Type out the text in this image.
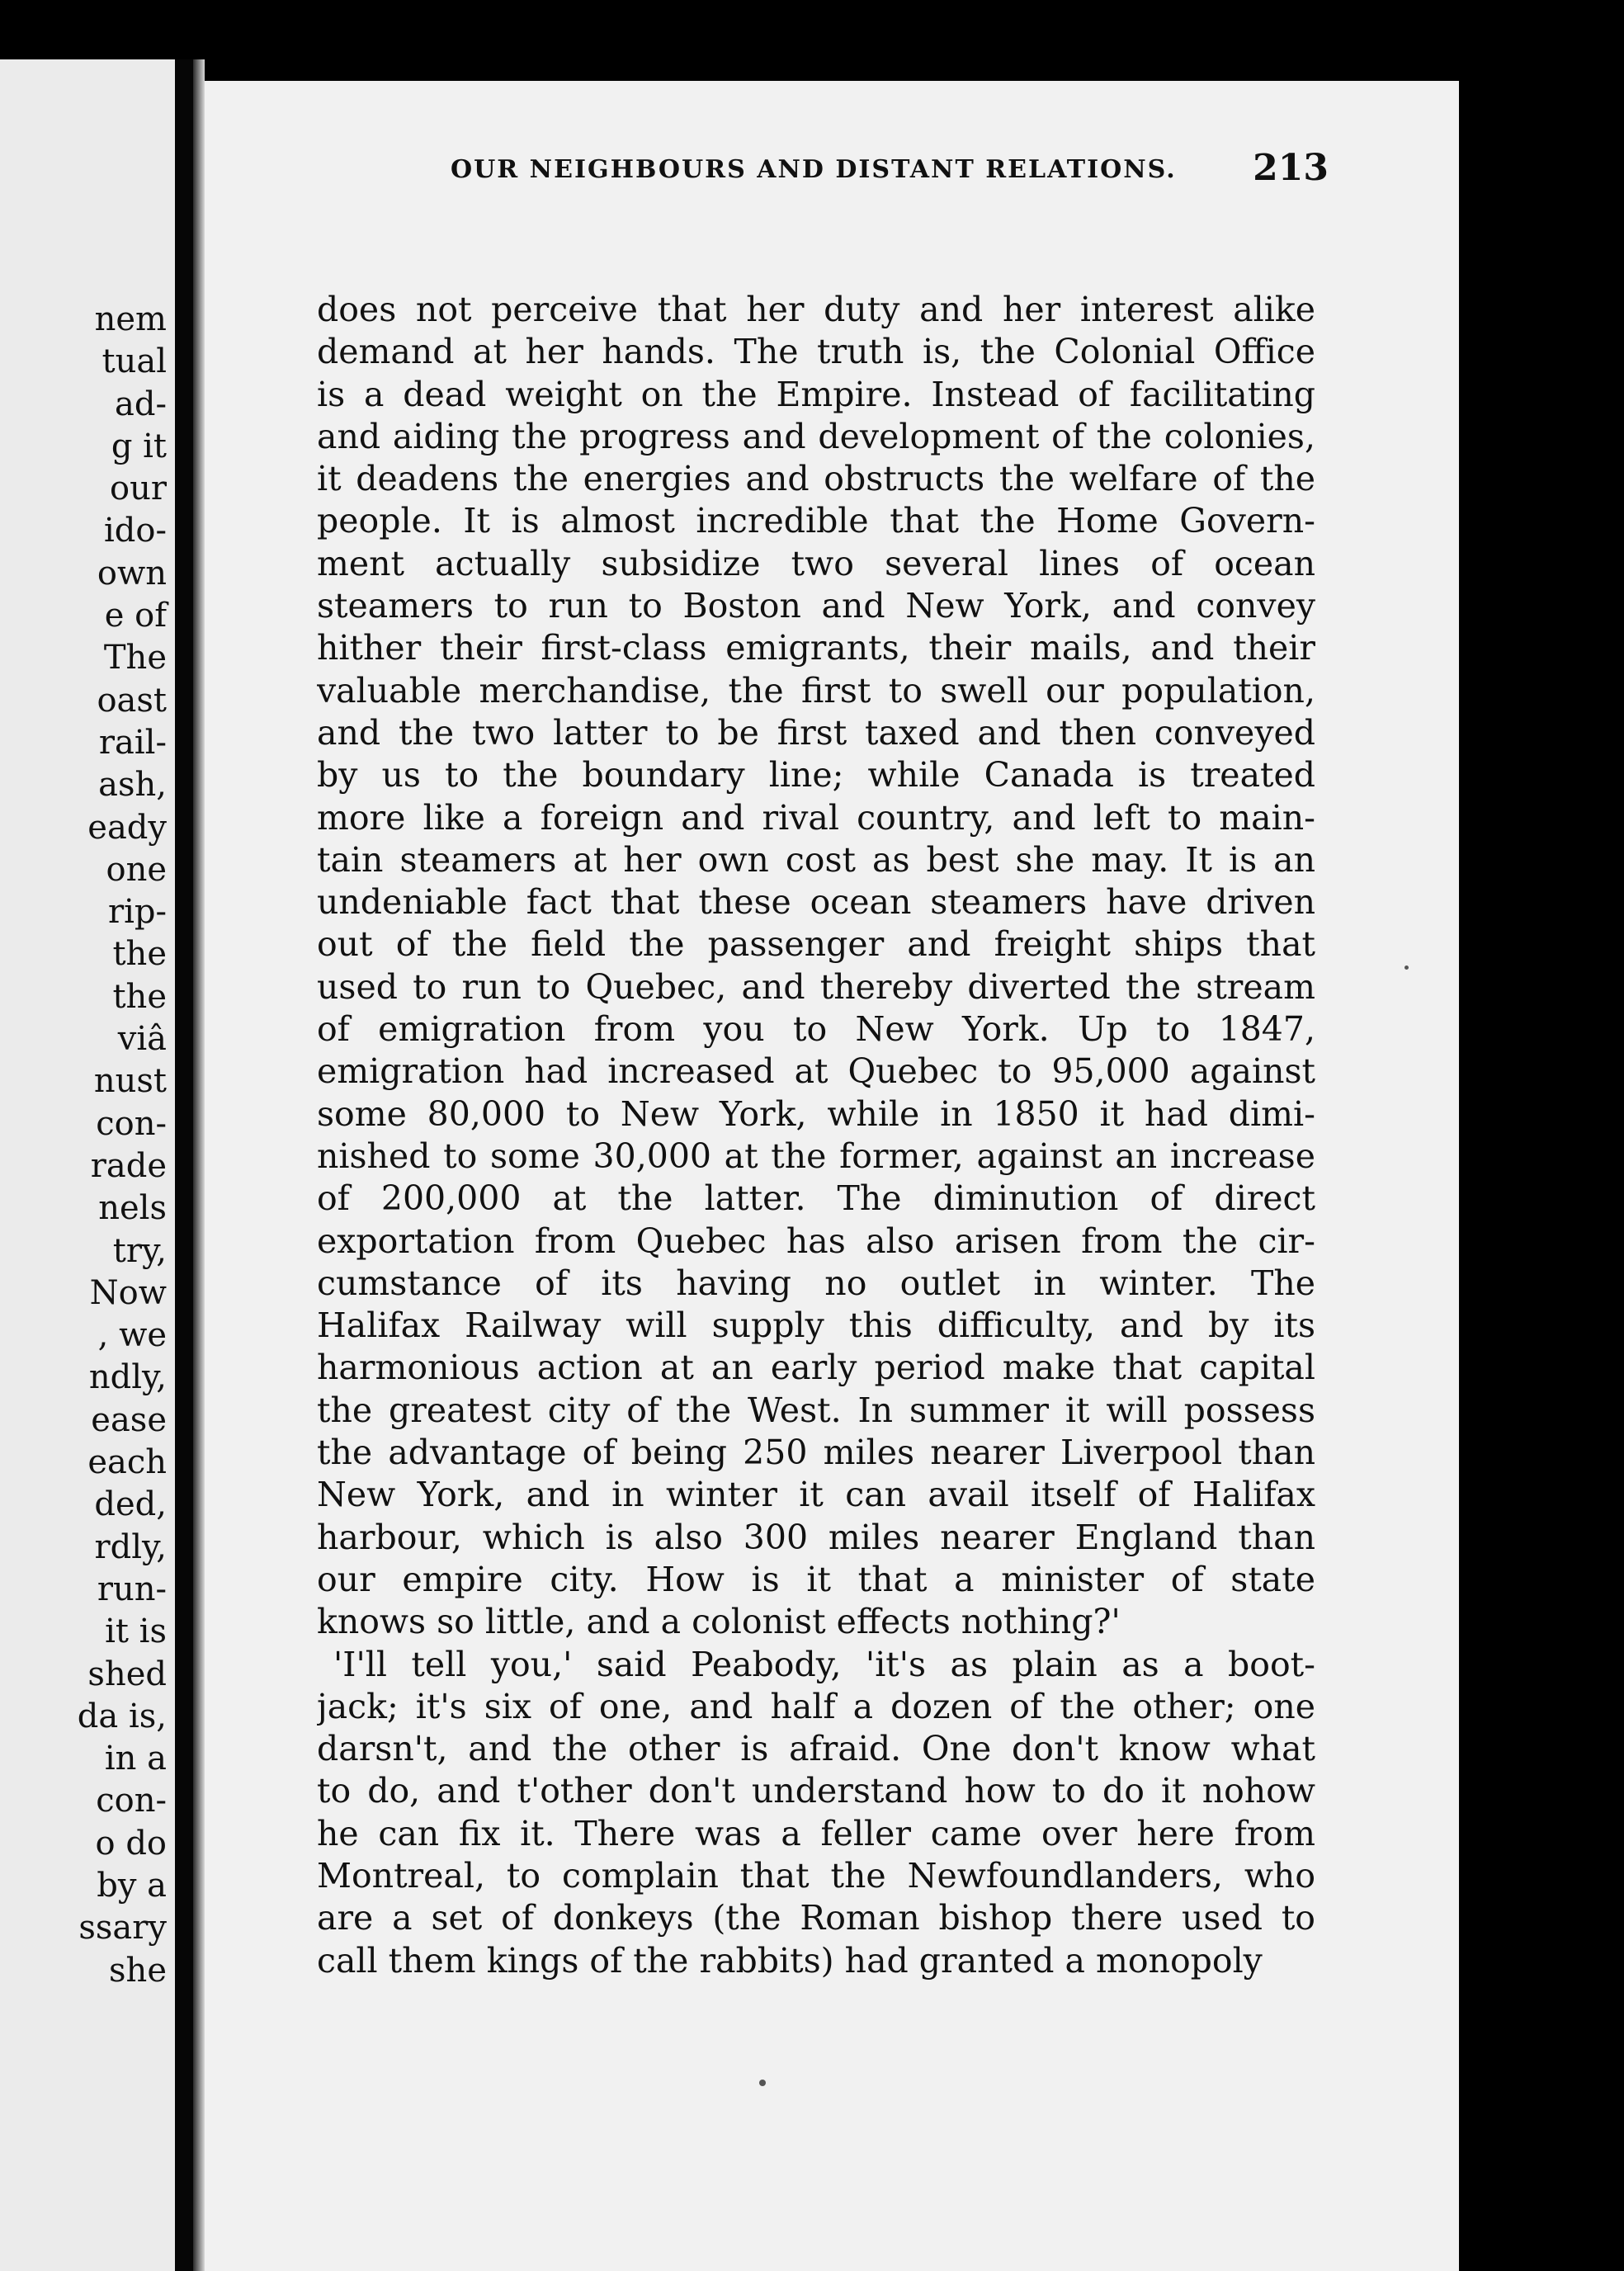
nem
tual
ad-
g it
our
ido-
own
e of
The
oast
rail-
ash,
eady
one
rip-
the
the
viâ
nust
con-
rade
nels
try,
Now
, we
ndly,
ease
each
ded,
rdly,
run-
it is
shed
da is,
in a
con-
o do
by a
ssary
she
OUR NEIGHBOURS AND DISTANT RELATIONS. 213
does not perceive that her duty and her interest alike
demand at her hands. The truth is, the Colonial Office
is a dead weight on the Empire. Instead of facilitating
and aiding the progress and development of the colonies,
it deadens the energies and obstructs the welfare of the
people. It is almost incredible that the Home Govern-
ment actually subsidize two several lines of ocean
steamers to run to Boston and New York, and convey
hither their first-class emigrants, their mails, and their
valuable merchandise, the first to swell our population,
and the two latter to be first taxed and then conveyed
by us to the boundary line; while Canada is treated
more like a foreign and rival country, and left to main-
tain steamers at her own cost as best she may. It is an
undeniable fact that these ocean steamers have driven
out of the field the passenger and freight ships that
used to run to Quebec, and thereby diverted the stream
of emigration from you to New York. Up to 1847,
emigration had increased at Quebec to 95,000 against
some 80,000 to New York, while in 1850 it had dimi-
nished to some 30,000 at the former, against an increase
of 200,000 at the latter. The diminution of direct
exportation from Quebec has also arisen from the cir-
cumstance of its having no outlet in winter. The
Halifax Railway will supply this difficulty, and by its
harmonious action at an early period make that capital
the greatest city of the West. In summer it will possess
the advantage of being 250 miles nearer Liverpool than
New York, and in winter it can avail itself of Halifax
harbour, which is also 300 miles nearer England than
our empire city. How is it that a minister of state
knows so little, and a colonist effects nothing?'
'I'll tell you,' said Peabody, 'it's as plain as a boot-
jack; it's six of one, and half a dozen of the other; one
darsn't, and the other is afraid. One don't know what
to do, and t'other don't understand how to do it nohow
he can fix it. There was a feller came over here from
Montreal, to complain that the Newfoundlanders, who
are a set of donkeys (the Roman bishop there used to
call them kings of the rabbits) had granted a monopoly
